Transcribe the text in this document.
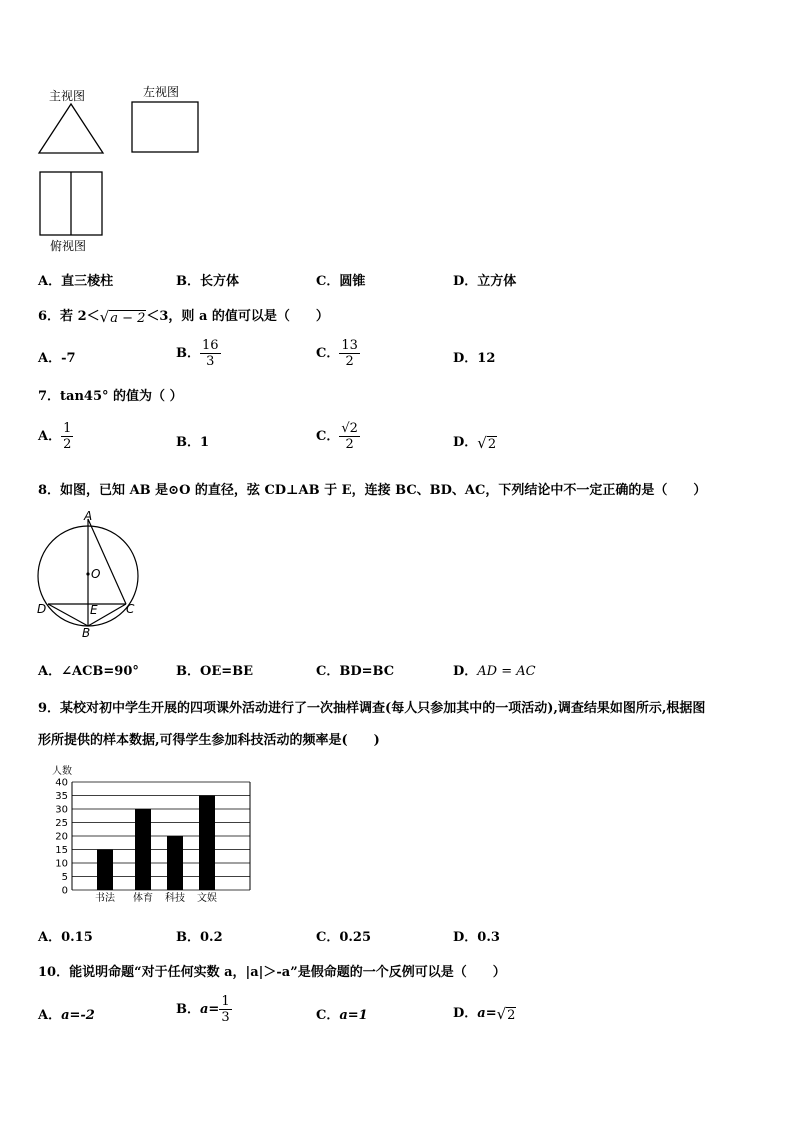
主视图	左视图
俯视图
A．直三棱柱	B．长方体	C．圆锥	D．立方体
6．若 2＜√a − 2＜3，则 a 的值可以是（　　）
A．-7	B． $\frac{16}{3}$	C． $\frac{13}{2}$	D．12
7．tan45° 的值为（ ）
A． $\frac{1}{2}$	B．1	C． $\frac{√2}{2}$	D．√2
8．如图，已知 AB 是⊙O 的直径，弦 CD⊥AB 于 E，连接 BC、BD、AC，下列结论中不一定正确的是（　　）
A
O
D	E C
B
A．∠ACB=90°	B．OE=BE	C．BD=BC	D．AD = AC
9．某校对初中学生开展的四项课外活动进行了一次抽样调查(每人只参加其中的一项活动),调查结果如图所示,根据图
形所提供的样本数据,可得学生参加科技活动的频率是(　　)
人数
0
5
10
15
20
25
30
35
40
书法 体育 科技 文娱
A．0.15	B．0.2	C．0.25	D．0.3
10．能说明命题“对于任何实数 a，|a|＞-a”是假命题的一个反例可以是（　　）
A．a=-2	B．$a= \frac{1}{3}$	C．a=1	D．a=√2
